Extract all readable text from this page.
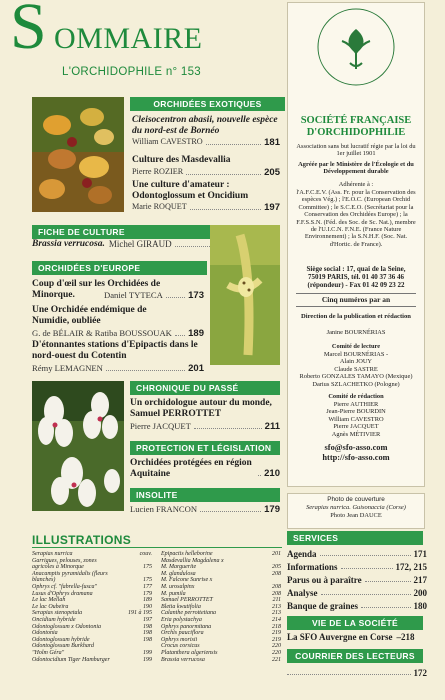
S OMMAIRE
L'ORCHIDOPHILE n° 153
ORCHIDÉES EXOTIQUES
Cleisocentron abasii, nouvelle espèce du nord-est de Bornéo
William CAVESTRO	181
Culture des Masdevallia
Pierre ROZIER	205
Une culture d'amateur : Odontoglossum et Oncidium
Marie ROQUET	197
FICHE DE CULTURE
Brassia verrucosa. Michel GIRAUD
ORCHIDÉES D'EUROPE
Coup d'œil sur les Orchidées de Minorque.	Daniel TYTECA	173
Une Orchidée endémique de Numidie, oubliée
G. de BÉLAIR & Ratiba BOUSSOUAK 189
D'étonnantes stations d'Epipactis dans le nord-ouest du Cotentin
Rémy LEMAGNEN	201
CHRONIQUE DU PASSÉ
Un orchidologue autour du monde, Samuel PERROTTET
Pierre JACQUET	211
PROTECTION ET LÉGISLATION
Orchidées protégées en région Aquitaine	210
INSOLITE
Lucien FRANCON	179
ILLUSTRATIONS
Serapias nurrica	couv.
Garrigues, pelouses, zones
agricoles à Minorque	175
Anacamptis pyramidalis (fleurs
blanches)	175
Ophrys cf. "fabrella-fusca"	177
Lusus d'Ophrys dramana	179
Le lac Mellah	189
Le lac Oubeïra	190
Serapias stenopetala	191 à 195
Oncidium hybride	197
Odontoglossum x Odontonia	198
Odontonia	198
Odontoglossum hybride	198
Odontoglossum Burkhard
"Holm Géra"	199
Odontocidium Tiger Hamburger	199
Epipactis helleborine	201
Masdevallia Magdalena x
M. Marguerite	205
M. glandulosa	208
M. Falcone Sunrise x
M. urosalpinx	208
M. pumila	208
Samuel PERROTTET	211
Bletia kwutifolia	213
Calanthe perrottetiana	213
Eria polystachya	214
Ophrys panormitana	218
Orchis pauciflora	219
Ophrys morisii	219
Crocus corsicus	220
Platanthera algeriensis	220
Brassia verrucosa	221
SOCIÉTÉ FRANÇAISE
D'ORCHIDOPHILIE
Association sans but lucratif régie par la loi du 1er juillet 1901
Agréée par le Ministère de l'Écologie et du Développement durable
Adhérente à :
l'A.F.C.E.V. (Ass. Fr. pour la Conservation des espèces Vég.) ; l'E.O.C. (European Orchid Committee) ; le S.C.E.O. (Secrétariat pour la Conservation des Orchidées Europe) ; la F.F.S.S.N. (Féd. des Soc. de Sc. Nat.), membre de l'U.I.C.N. F.N.E. (France Nature Environnement) ; la S.N.H.F. (Soc. Nat. d'Hortic. de France).
Siège social : 17, quai de la Seine,
75019 PARIS, tél. 01 40 37 36 46
(répondeur) - Fax 01 42 09 23 22
Cinq numéros par an
Direction de la publication et rédaction
Janine BOURNÉRIAS
Comité de lecture
Marcel BOURNÉRIAS -
Alain JOUY
Claude SASTRE
Roberto GONZALES TAMAYO (Mexique)
Darius SZLACHETKO (Pologne)
Comité de rédaction
Pierre AUTHIER
Jean-Pierre BOURDIN
William CAVESTRO
Pierre JACQUET
Agnès MÉTIVIER
sfo@sfo-asso.com
http://sfo-asso.com
Photo de couverture
Serapias nurrica. Guisonaccia (Corse)
Photo Jean DAUCE
SERVICES
Agenda	171
Informations	172, 215
Parus ou à paraître	217
Analyse	200
Banque de graines	180
VIE DE LA SOCIÉTÉ
La SFO Auvergne en Corse – 218
COURRIER DES LECTEURS
172
